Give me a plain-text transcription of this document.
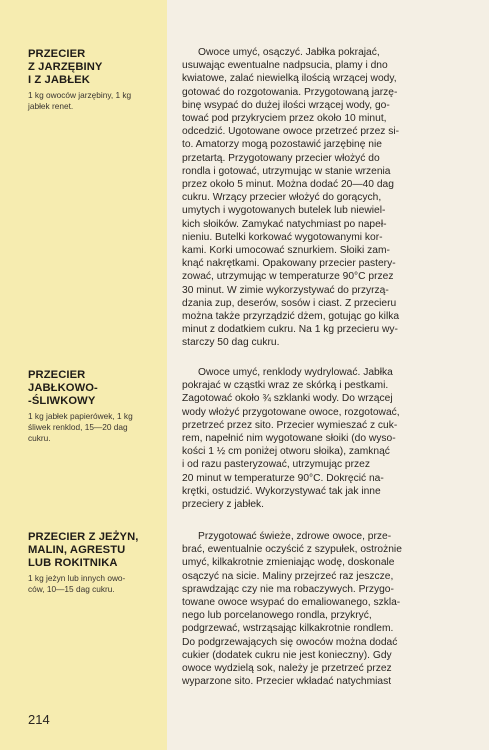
PRZECIER
Z JARZĘBINY
I Z JABŁEK

1 kg owoców jarzębiny, 1 kg
jabłek renet.

Owoce umyć, osączyć. Jabłka pokrajać,
usuwając ewentualne nadpsucia, plamy i dno
kwiatowe, zalać niewielką ilością wrzącej wody,
gotować do rozgotowania. Przygotowaną jarzę-
binę wsypać do dużej ilości wrzącej wody, go-
tować pod przykryciem przez około 10 minut,
odcedzić. Ugotowane owoce przetrzeć przez si-
to. Amatorzy mogą pozostawić jarzębinę nie
przetartą. Przygotowany przecier włożyć do
rondla i gotować, utrzymując w stanie wrzenia
przez około 5 minut. Można dodać 20—40 dag
cukru. Wrzący przecier włożyć do gorących,
umytych i wygotowanych butelek lub niewiel-
kich słoików. Zamykać natychmiast po napeł-
nieniu. Butelki korkować wygotowanymi kor-
kami. Korki umocować sznurkiem. Słoiki zam-
knąć nakrętkami. Opakowany przecier pastery-
zować, utrzymując w temperaturze 90°C przez
30 minut. W zimie wykorzystywać do przyrzą-
dzania zup, deserów, sosów i ciast. Z przecieru
można także przyrządzić dżem, gotując go kilka
minut z dodatkiem cukru. Na 1 kg przecieru wy-
starczy 50 dag cukru.

PRZECIER
JABŁKOWO-
-ŚLIWKOWY

1 kg jabłek papierówek, 1 kg
śliwek renklod, 15—20 dag
cukru.

Owoce umyć, renklody wydrylować. Jabłka
pokrajać w cząstki wraz ze skórką i pestkami.
Zagotować około ¾ szklanki wody. Do wrzącej
wody włożyć przygotowane owoce, rozgotować,
przetrzeć przez sito. Przecier wymieszać z cuk-
rem, napełnić nim wygotowane słoiki (do wyso-
kości 1 ½ cm poniżej otworu słoika), zamknąć
i od razu pasteryzować, utrzymując przez
20 minut w temperaturze 90°C. Dokręcić na-
krętki, ostudzić. Wykorzystywać tak jak inne
przeciery z jabłek.

PRZECIER Z JEŻYN,
MALIN, AGRESTU
LUB ROKITNIKA

1 kg jeżyn lub innych owo-
ców, 10—15 dag cukru.

Przygotować świeże, zdrowe owoce, prze-
brać, ewentualnie oczyścić z szypułek, ostrożnie
umyć, kilkakrotnie zmieniając wodę, doskonale
osączyć na sicie. Maliny przejrzeć raz jeszcze,
sprawdzając czy nie ma robaczywych. Przygo-
towane owoce wsypać do emaliowanego, szkla-
nego lub porcelanowego rondla, przykryć,
podgrzewać, wstrząsając kilkakrotnie rondlem.
Do podgrzewających się owoców można dodać
cukier (dodatek cukru nie jest konieczny). Gdy
owoce wydzielą sok, należy je przetrzeć przez
wyparzone sito. Przecier wkładać natychmiast

214
